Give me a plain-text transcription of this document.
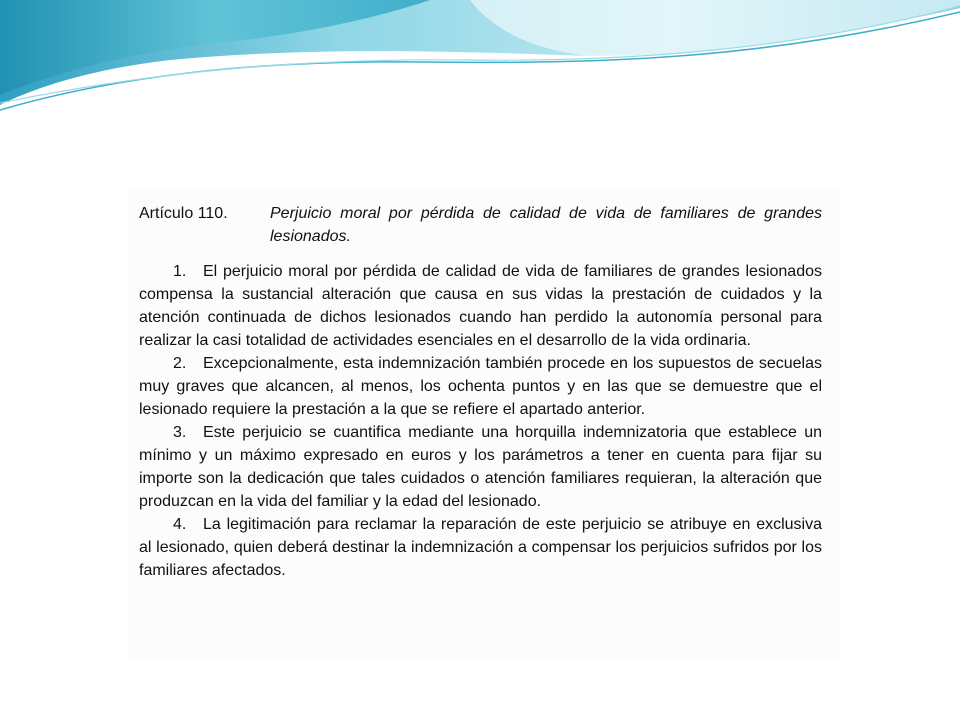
Artículo 110.	Perjuicio moral por pérdida de calidad de vida de familiares de grandes lesionados.

1. El perjuicio moral por pérdida de calidad de vida de familiares de grandes lesionados compensa la sustancial alteración que causa en sus vidas la prestación de cuidados y la atención continuada de dichos lesionados cuando han perdido la autonomía personal para realizar la casi totalidad de actividades esenciales en el desarrollo de la vida ordinaria.

2. Excepcionalmente, esta indemnización también procede en los supuestos de secuelas muy graves que alcancen, al menos, los ochenta puntos y en las que se demuestre que el lesionado requiere la prestación a la que se refiere el apartado anterior.

3. Este perjuicio se cuantifica mediante una horquilla indemnizatoria que establece un mínimo y un máximo expresado en euros y los parámetros a tener en cuenta para fijar su importe son la dedicación que tales cuidados o atención familiares requieran, la alteración que produzcan en la vida del familiar y la edad del lesionado.

4. La legitimación para reclamar la reparación de este perjuicio se atribuye en exclusiva al lesionado, quien deberá destinar la indemnización a compensar los perjuicios sufridos por los familiares afectados.
